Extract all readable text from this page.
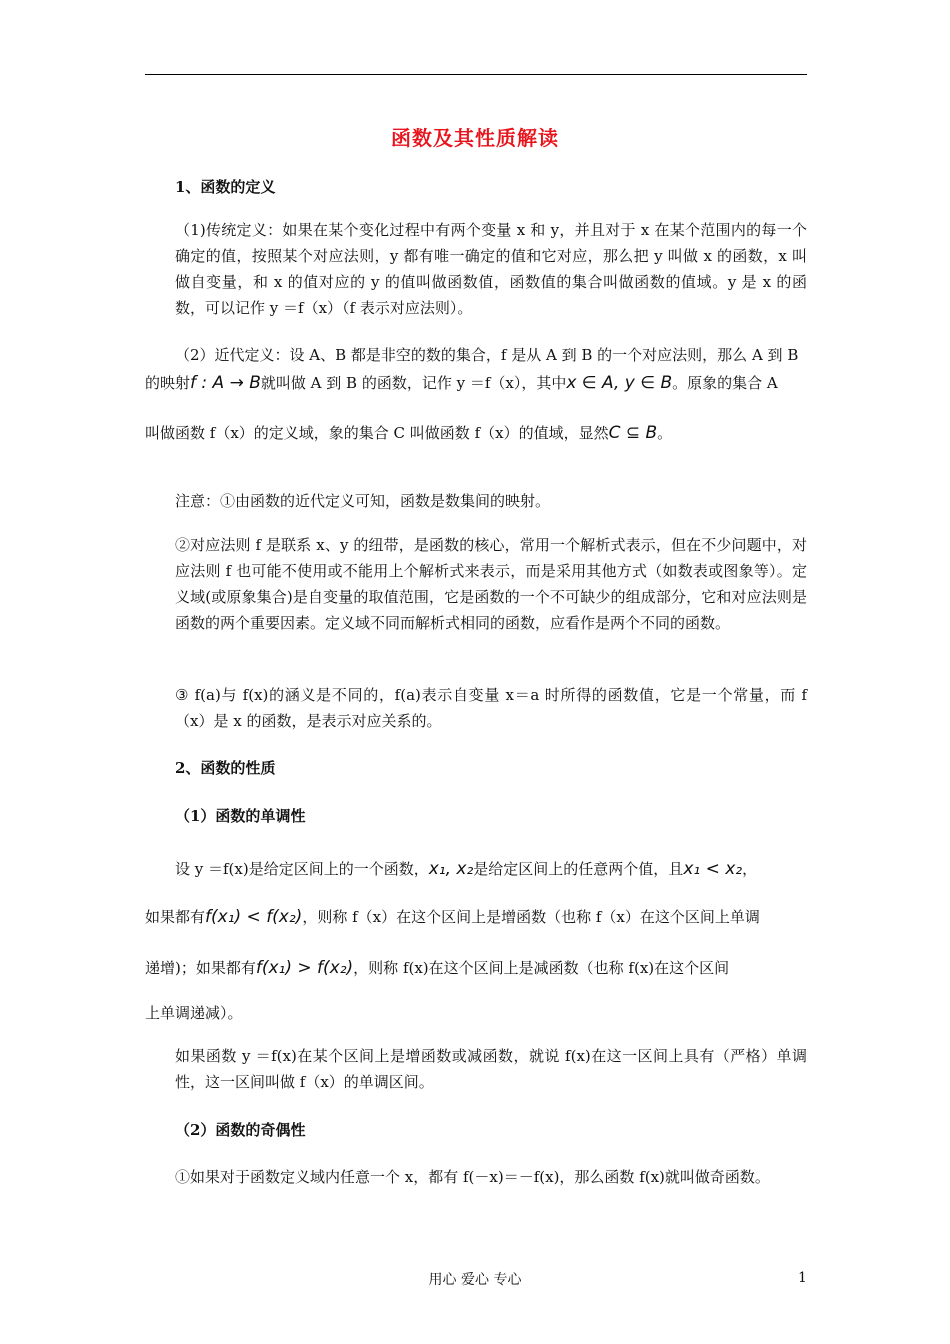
函数及其性质解读
1、函数的定义
（1)传统定义：如果在某个变化过程中有两个变量 x 和 y，并且对于 x 在某个范围内的每一个确定的值，按照某个对应法则，y 都有唯一确定的值和它对应，那么把 y 叫做 x 的函数，x 叫做自变量，和 x 的值对应的 y 的值叫做函数值，函数值的集合叫做函数的值域。y 是 x 的函数，可以记作 y ＝f（x）（f 表示对应法则）。
（2）近代定义：设 A、B 都是非空的数的集合，f 是从 A 到 B 的一个对应法则，那么 A 到 B
的映射f : A → B就叫做 A 到 B 的函数，记作 y ＝f（x），其中x ∈ A, y ∈ B。原象的集合 A
叫做函数 f（x）的定义域，象的集合 C 叫做函数 f（x）的值域，显然C ⊆ B。
注意：①由函数的近代定义可知，函数是数集间的映射。
②对应法则 f 是联系 x、y 的纽带，是函数的核心，常用一个解析式表示，但在不少问题中，对应法则 f 也可能不使用或不能用上个解析式来表示，而是采用其他方式（如数表或图象等）。定义域(或原象集合)是自变量的取值范围，它是函数的一个不可缺少的组成部分，它和对应法则是函数的两个重要因素。定义域不同而解析式相同的函数，应看作是两个不同的函数。
③ f(a)与 f(x)的涵义是不同的，f(a)表示自变量 x＝a 时所得的函数值，它是一个常量，而 f（x）是 x 的函数，是表示对应关系的。
2、函数的性质
（1）函数的单调性
设 y ＝f(x)是给定区间上的一个函数，x₁, x₂是给定区间上的任意两个值，且x₁ < x₂，
如果都有f(x₁) < f(x₂)，则称 f（x）在这个区间上是增函数（也称 f（x）在这个区间上单调
递增)；如果都有f(x₁) > f(x₂)，则称 f(x)在这个区间上是减函数（也称 f(x)在这个区间
上单调递减）。
如果函数 y ＝f(x)在某个区间上是增函数或减函数，就说 f(x)在这一区间上具有（严格）单调性，这一区间叫做 f（x）的单调区间。
（2）函数的奇偶性
①如果对于函数定义域内任意一个 x，都有 f(－x)＝－f(x)，那么函数 f(x)就叫做奇函数。
用心 爱心 专心	1
